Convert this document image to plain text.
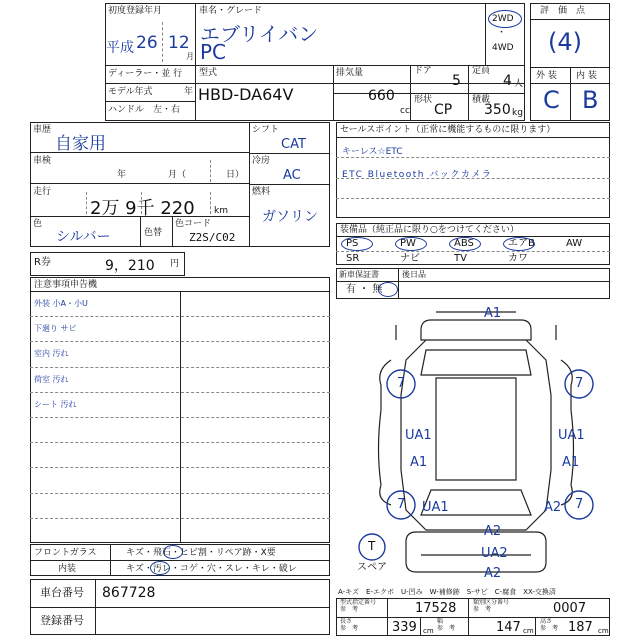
初度登録年月
平成 26 12
月
車名・グレード
エブリイバン
PC
2WD
・
4WD
評　価　点
(4)
外 装 内 装
C B
ディーラー・並 行
モデル年式	年
ハンドル　左・右
型式
HBD-DA64V
排気量
660
cc
ドア
5
定員
4 人
形状
CP
積載
350 kg
車歴
自家用
車検
年	月（	日）
走行
2万 9千 220 km
色
シルバー	色替
色コード
Z2S/C02
シフト
CAT
冷房
AC
燃料
ガソリン
R券	9，210 円
注意事項申告機
外装 小A・小U
下廻り サビ
室内 汚れ
荷室 汚れ
シート 汚れ
フロントガラス	キズ・飛石・ヒビ割・リペア跡・X要
内装	キズ・汚レ・コゲ・穴・スレ・キレ・破レ
車台番号 867728
登録番号
セールスポイント（正常に機能するものに限ります）
キーレス☆ETC
ETC Bluetooth バックカメラ
装備品（純正品に限り○をつけてください）
PS	PW	ABS	エアB	AW
SR	ナビ	TV	カワ
新車保証書
有 ・ 無
後日品
A1
7	7
UA1
A1
UA1
A1
7	7
UA1	A2
A2
UA2
A2
T
スペア
A-キズ　E-エクボ　U-凹み　W-補修跡　S-サビ　C-腐食　XX-交換済
型式指定番号
参　考	17528	類別区分番号
参　考	0007
長さ
参　考	339 cm
幅
参　考	147 cm
高さ
参　考 187 cm
